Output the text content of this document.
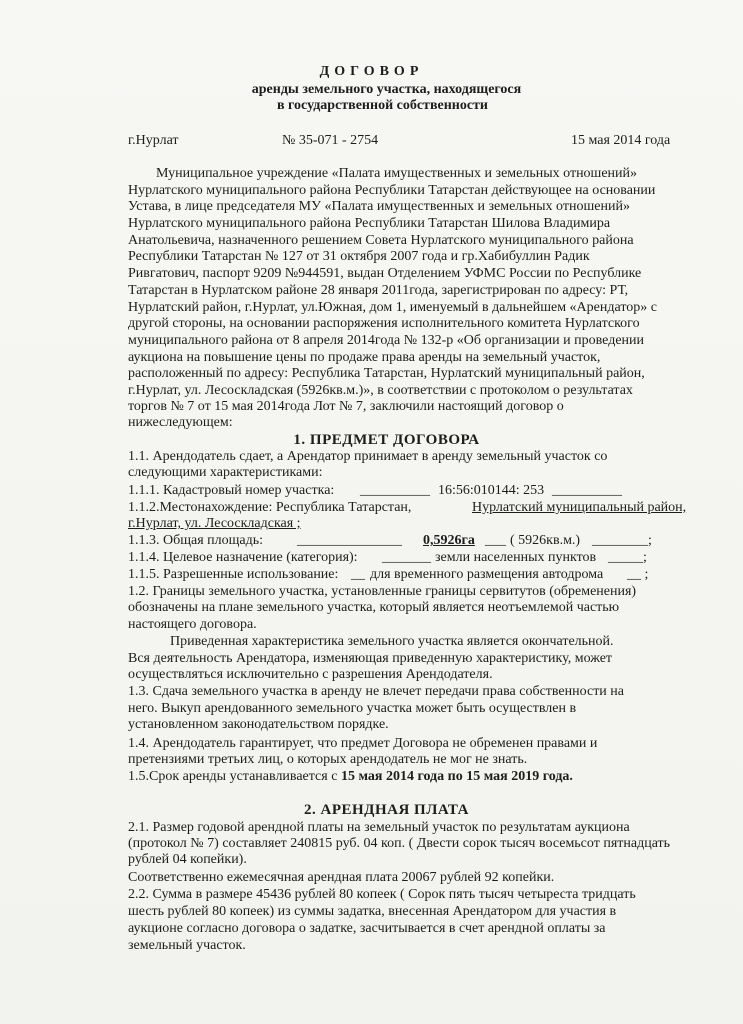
ДОГОВОР
аренды земельного участка, находящегося
в государственной собственности
г.Нурлат	№ 35-071 - 2754	15 мая 2014 года
Муниципальное учреждение «Палата имущественных и земельных отношений»
Нурлатского муниципального района Республики Татарстан действующее на основании
Устава, в лице председателя МУ «Палата имущественных и земельных отношений»
Нурлатского муниципального района Республики Татарстан Шилова Владимира
Анатольевича, назначенного решением Совета Нурлатского муниципального района
Республики Татарстан № 127 от 31 октября 2007 года и гр.Хабибуллин Радик
Ривгатович, паспорт 9209 №944591, выдан Отделением УФМС России по Республике
Татарстан в Нурлатском районе 28 января 2011года, зарегистрирован по адресу: РТ,
Нурлатский район, г.Нурлат, ул.Южная, дом 1, именуемый в дальнейшем «Арендатор» с
другой стороны, на основании распоряжения исполнительного комитета Нурлатского
муниципального района от 8 апреля 2014года № 132-р «Об организации и проведении
аукциона на повышение цены по продаже права аренды на земельный участок,
расположенный по адресу: Республика Татарстан, Нурлатский муниципальный район,
г.Нурлат, ул. Лесоскладская (5926кв.м.)», в соответствии с протоколом о результатах
торгов № 7 от 15 мая 2014года Лот № 7, заключили настоящий договор о
нижеследующем:
1. ПРЕДМЕТ ДОГОВОРА
1.1. Арендодатель сдает, а Арендатор принимает в аренду земельный участок со
следующими характеристиками:
1.1.1. Кадастровый номер участка: __________ 16:56:010144: 253 __________
1.1.2.Местонахождение: Республика Татарстан,	Нурлатский муниципальный район,
г.Нурлат, ул. Лесоскладская ;
1.1.3. Общая площадь: _______________ 0,5926га ___ ( 5926кв.м.) ________;
1.1.4. Целевое назначение (категория): _______ земли населенных пунктов _____;
1.1.5. Разрешенные использование: __ для временного размещения автодрома __ ;
1.2. Границы земельного участка, установленные границы сервитутов (обременения)
обозначены на плане земельного участка, который является неотъемлемой частью
настоящего договора.
Приведенная характеристика земельного участка является окончательной.
Вся деятельность Арендатора, изменяющая приведенную характеристику, может
осуществляться исключительно с разрешения Арендодателя.
1.3. Сдача земельного участка в аренду не влечет передачи права собственности на
него. Выкуп арендованного земельного участка может быть осуществлен в
установленном законодательством порядке.
1.4. Арендодатель гарантирует, что предмет Договора не обременен правами и
претензиями третьих лиц, о которых арендодатель не мог не знать.
1.5.Срок аренды устанавливается с 15 мая 2014 года по 15 мая 2019 года.
2. АРЕНДНАЯ ПЛАТА
2.1. Размер годовой арендной платы на земельный участок по результатам аукциона
(протокол № 7) составляет 240815 руб. 04 коп. ( Двести сорок тысяч восемьсот пятнадцать
рублей 04 копейки).
Соответственно ежемесячная арендная плата 20067 рублей 92 копейки.
2.2. Сумма в размере 45436 рублей 80 копеек ( Сорок пять тысяч четыреста тридцать
шесть рублей 80 копеек) из суммы задатка, внесенная Арендатором для участия в
аукционе согласно договора о задатке, засчитывается в счет арендной оплаты за
земельный участок.
